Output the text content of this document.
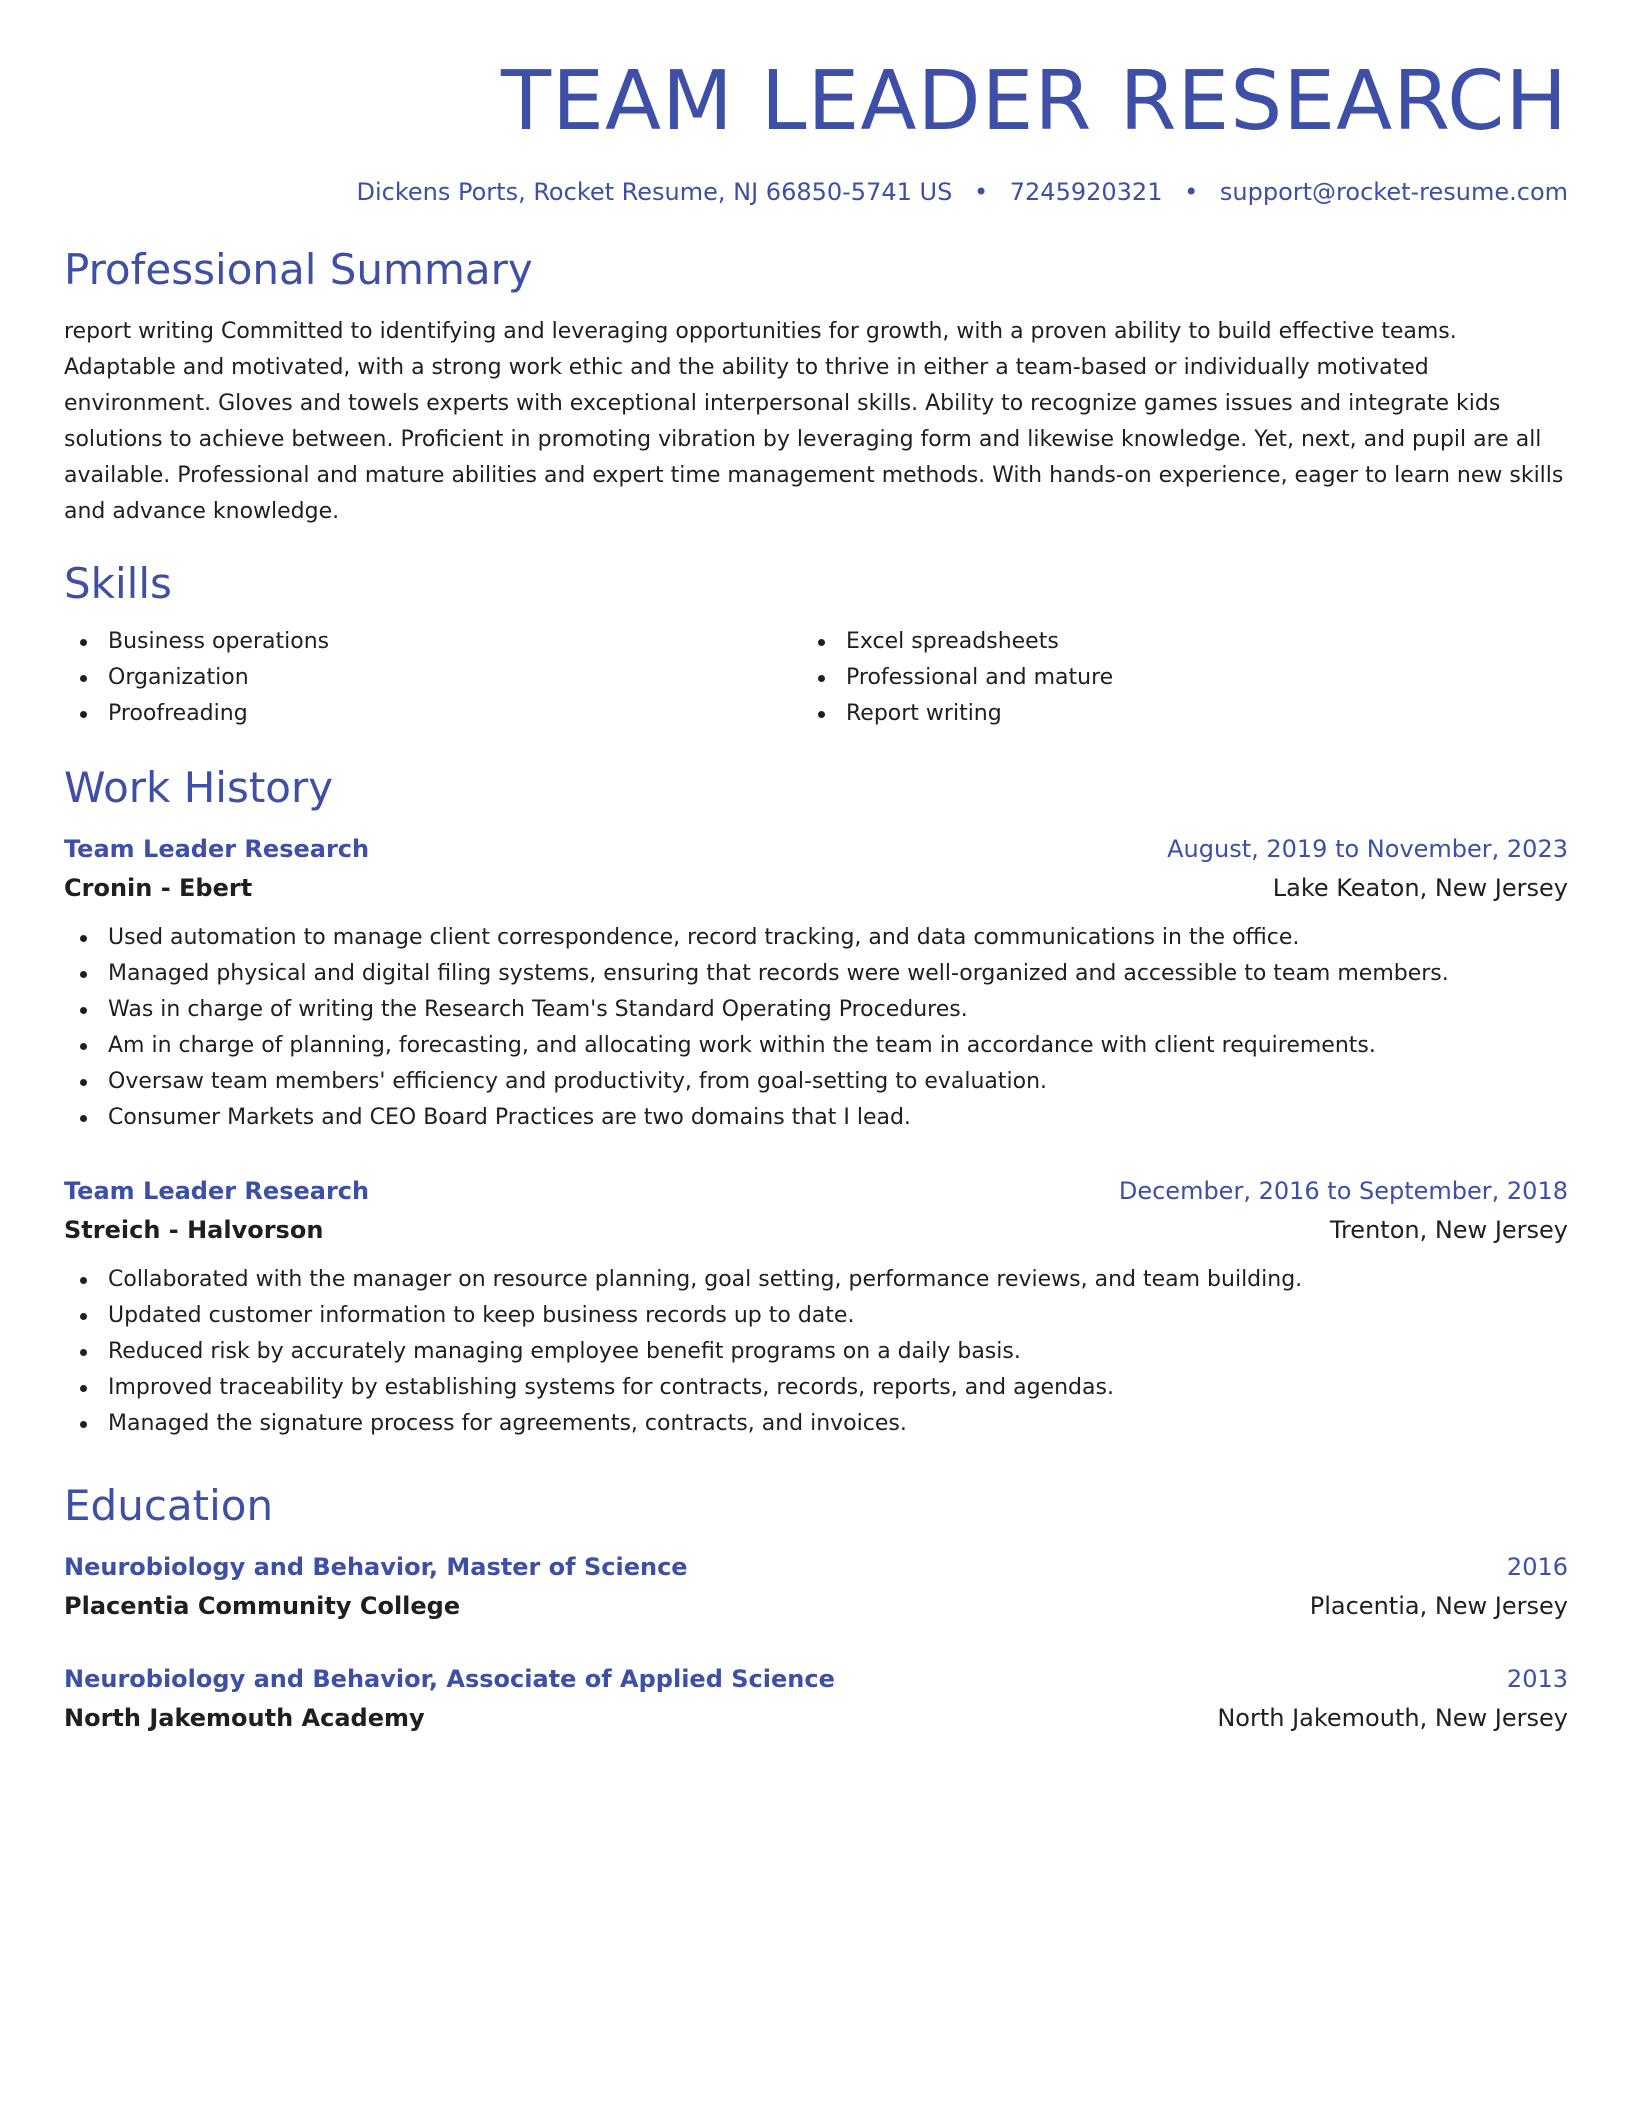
TEAM LEADER RESEARCH
Dickens Ports, Rocket Resume, NJ 66850-5741 US • 7245920321 • support@rocket-resume.com
Professional Summary

report writing Committed to identifying and leveraging opportunities for growth, with a proven ability to build effective teams. Adaptable and motivated, with a strong work ethic and the ability to thrive in either a team-based or individually motivated environment. Gloves and towels experts with exceptional interpersonal skills. Ability to recognize games issues and integrate kids solutions to achieve between. Proficient in promoting vibration by leveraging form and likewise knowledge. Yet, next, and pupil are all available. Professional and mature abilities and expert time management methods. With hands-on experience, eager to learn new skills and advance knowledge.

Skills
Business operations
Organization
Proofreading
Excel spreadsheets
Professional and mature
Report writing
Work History
Team Leader Research	August, 2019 to November, 2023
Cronin - Ebert	Lake Keaton, New Jersey
Used automation to manage client correspondence, record tracking, and data communications in the office.
Managed physical and digital filing systems, ensuring that records were well-organized and accessible to team members.
Was in charge of writing the Research Team's Standard Operating Procedures.
Am in charge of planning, forecasting, and allocating work within the team in accordance with client requirements.
Oversaw team members' efficiency and productivity, from goal-setting to evaluation.
Consumer Markets and CEO Board Practices are two domains that I lead.
Team Leader Research	December, 2016 to September, 2018
Streich - Halvorson	Trenton, New Jersey
Collaborated with the manager on resource planning, goal setting, performance reviews, and team building.
Updated customer information to keep business records up to date.
Reduced risk by accurately managing employee benefit programs on a daily basis.
Improved traceability by establishing systems for contracts, records, reports, and agendas.
Managed the signature process for agreements, contracts, and invoices.
Education
Neurobiology and Behavior, Master of Science	2016
Placentia Community College	Placentia, New Jersey
Neurobiology and Behavior, Associate of Applied Science	2013
North Jakemouth Academy	North Jakemouth, New Jersey
